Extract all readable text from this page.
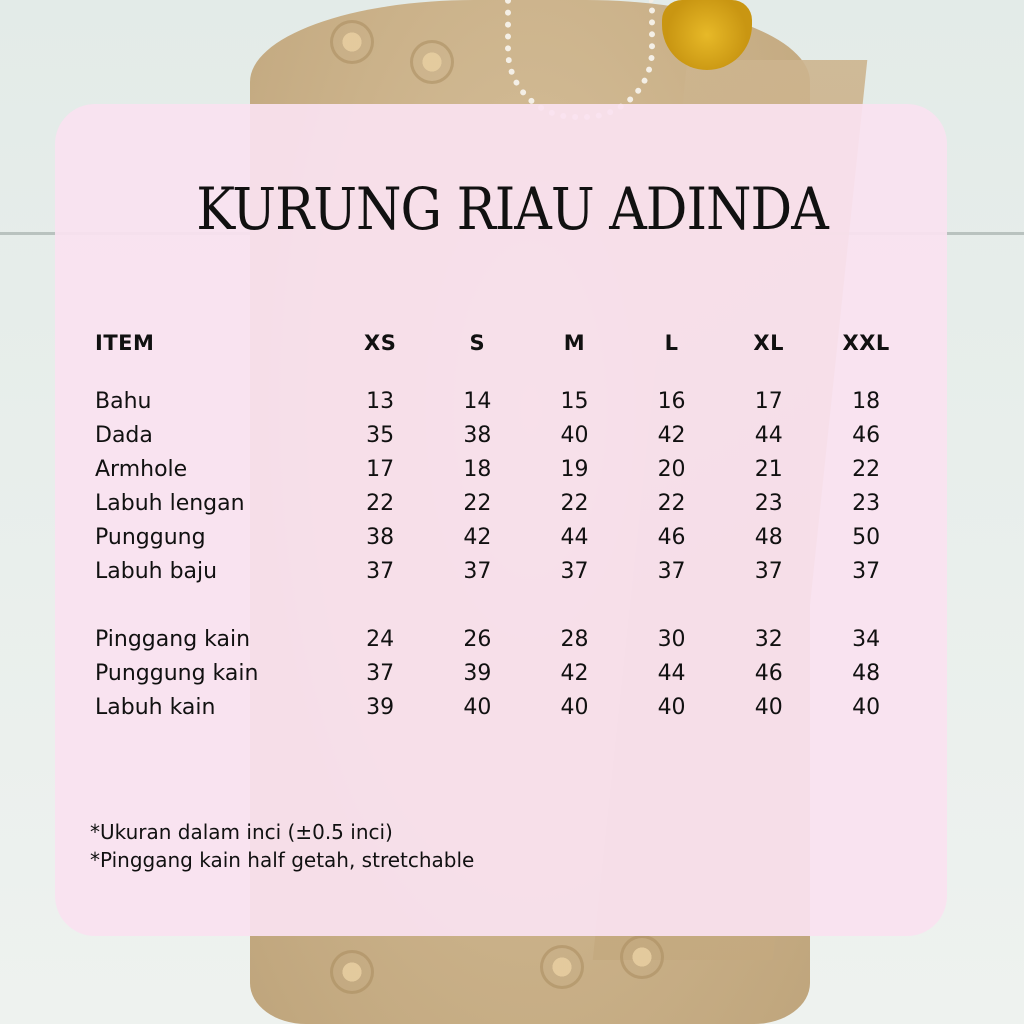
KURUNG RIAU ADINDA
ITEM	XS	S	M	L	XL	XXL

Bahu	13	14	15	16	17	18
Dada	35	38	40	42	44	46
Armhole	17	18	19	20	21	22
Labuh lengan	22	22	22	22	23	23
Punggung	38	42	44	46	48	50
Labuh baju	37	37	37	37	37	37

Pinggang kain	24	26	28	30	32	34
Punggung kain	37	39	42	44	46	48
Labuh kain	39	40	40	40	40	40
*Ukuran dalam inci (±0.5 inci)
*Pinggang kain half getah, stretchable
